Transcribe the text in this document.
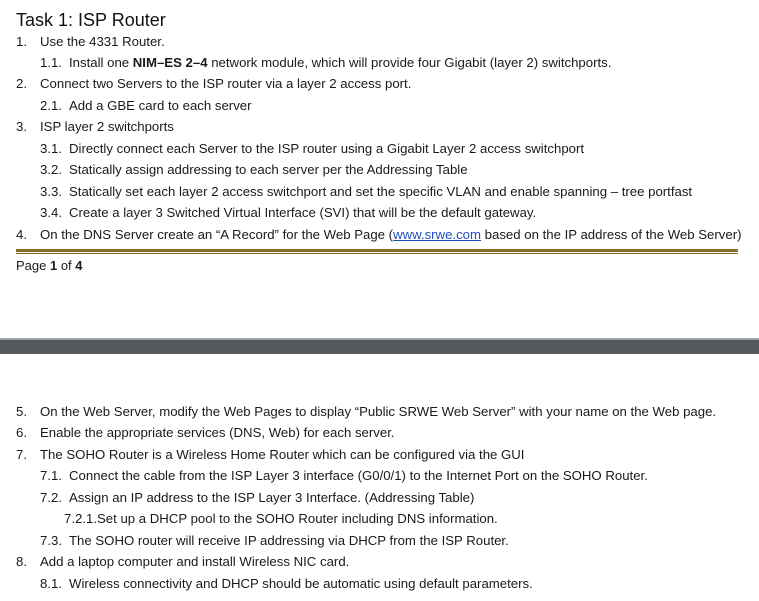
Task 1: ISP Router
1. Use the 4331 Router.
1.1. Install one NIM–ES 2–4 network module, which will provide four Gigabit (layer 2) switchports.
2. Connect two Servers to the ISP router via a layer 2 access port.
2.1. Add a GBE card to each server
3. ISP layer 2 switchports
3.1. Directly connect each Server to the ISP router using a Gigabit Layer 2 access switchport
3.2. Statically assign addressing to each server per the Addressing Table
3.3. Statically set each layer 2 access switchport and set the specific VLAN and enable spanning – tree portfast
3.4. Create a layer 3 Switched Virtual Interface (SVI) that will be the default gateway.
4. On the DNS Server create an “A Record” for the Web Page (www.srwe.com based on the IP address of the Web Server)
Page 1 of 4
5. On the Web Server, modify the Web Pages to display “Public SRWE Web Server” with your name on the Web page.
6. Enable the appropriate services (DNS, Web) for each server.
7. The SOHO Router is a Wireless Home Router which can be configured via the GUI
7.1. Connect the cable from the ISP Layer 3 interface (G0/0/1) to the Internet Port on the SOHO Router.
7.2. Assign an IP address to the ISP Layer 3 Interface. (Addressing Table)
7.2.1.Set up a DHCP pool to the SOHO Router including DNS information.
7.3. The SOHO router will receive IP addressing via DHCP from the ISP Router.
8. Add a laptop computer and install Wireless NIC card.
8.1. Wireless connectivity and DHCP should be automatic using default parameters.
